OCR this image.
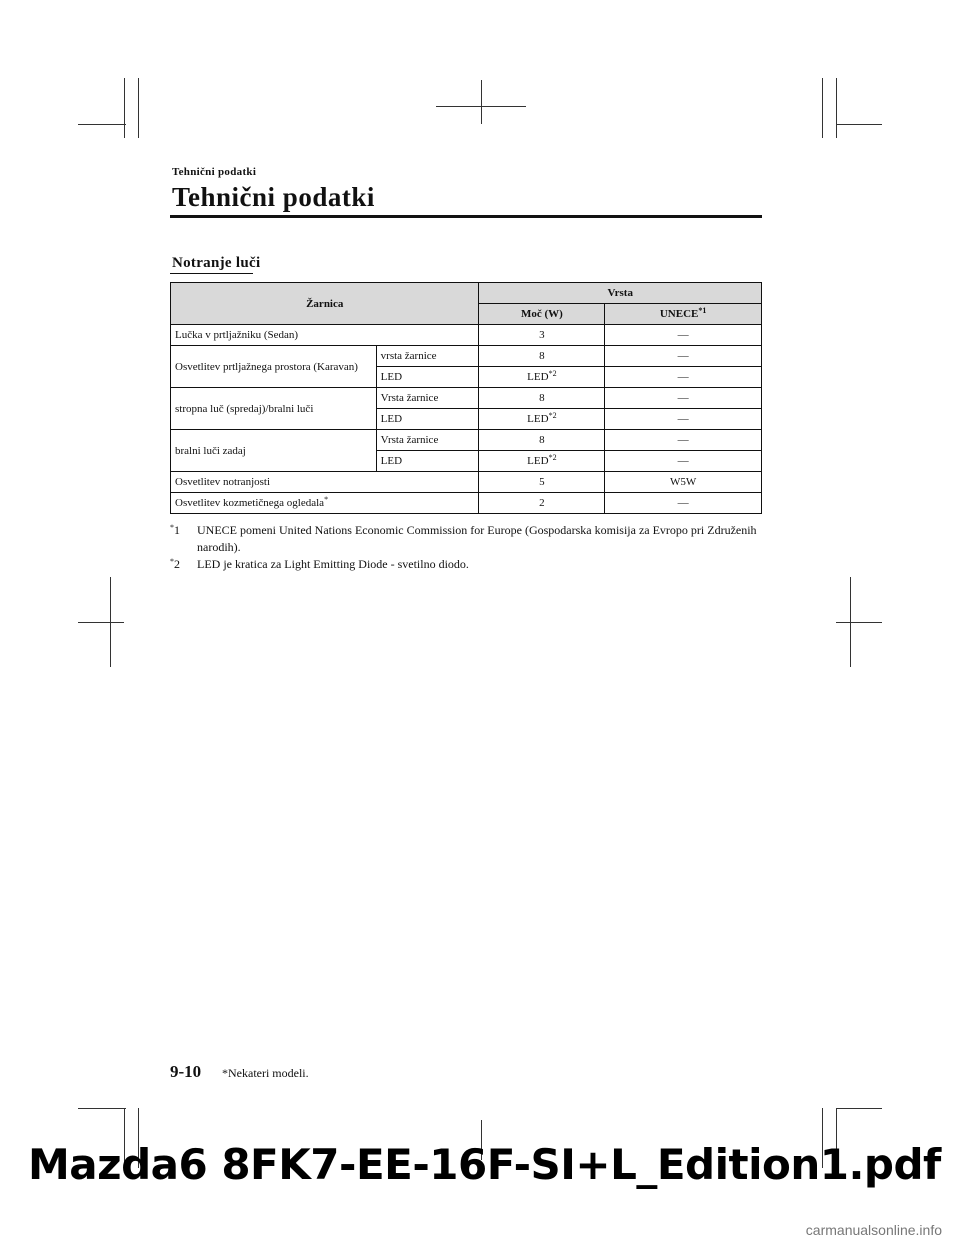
Tehnični podatki
Tehnični podatki
Notranje luči
Žarnica		Vrsta	
		Moč (W)	UNECE$^{*1}$
Lučka v prtljažniku (Sedan)		3	—
Osvetlitev prtljažnega prostora (Karavan)	vrsta žarnice	8	—
	LED	LED$^{*2}$	—
stropna luč (spredaj)/bralni luči	Vrsta žarnice	8	—
	LED	LED$^{*2}$	—
bralni luči zadaj	Vrsta žarnice	8	—
	LED	LED$^{*2}$	—
Osvetlitev notranjosti		5	W5W
Osvetlitev kozmetičnega ogledala*		2	—
*1	UNECE pomeni United Nations Economic Commission for Europe (Gospodarska komisija za Evropo pri Združenih narodih).
*2	LED je kratica za Light Emitting Diode - svetilno diodo.
9-10 *Nekateri modeli.
Mazda6 8FK7-EE-16F-SI+L_Edition1.pdf
carmanualsonline.info
